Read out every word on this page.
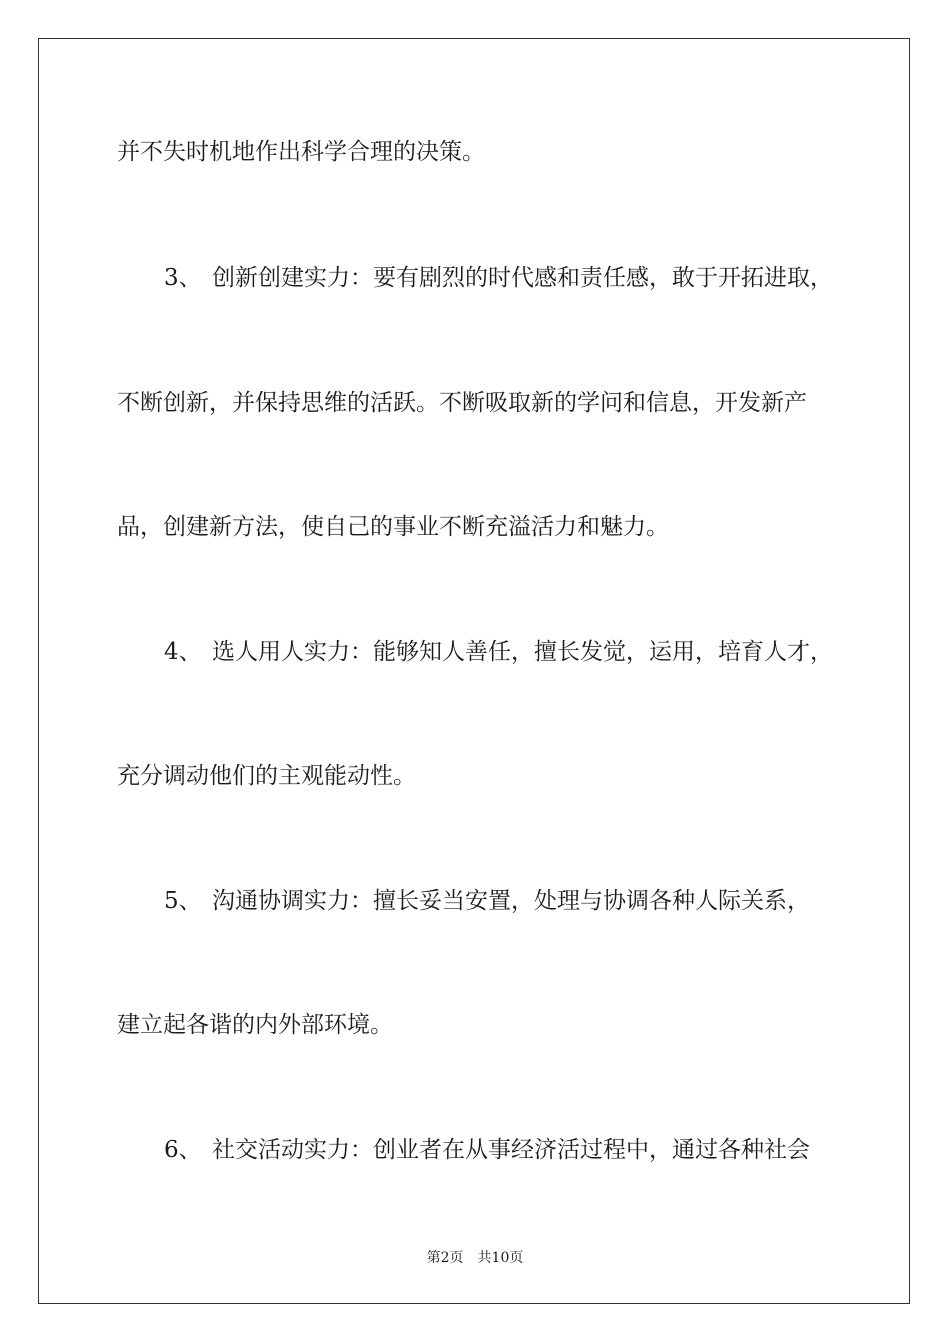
并不失时机地作出科学合理的决策。

3、 创新创建实力：要有剧烈的时代感和责任感，敢于开拓进取，

不断创新，并保持思维的活跃。不断吸取新的学问和信息，开发新产

品，创建新方法，使自己的事业不断充溢活力和魅力。

4、 选人用人实力：能够知人善任，擅长发觉，运用，培育人才，

充分调动他们的主观能动性。

5、 沟通协调实力：擅长妥当安置，处理与协调各种人际关系，

建立起各谐的内外部环境。

6、 社交活动实力：创业者在从事经济活过程中，通过各种社会

第2页 共10页
